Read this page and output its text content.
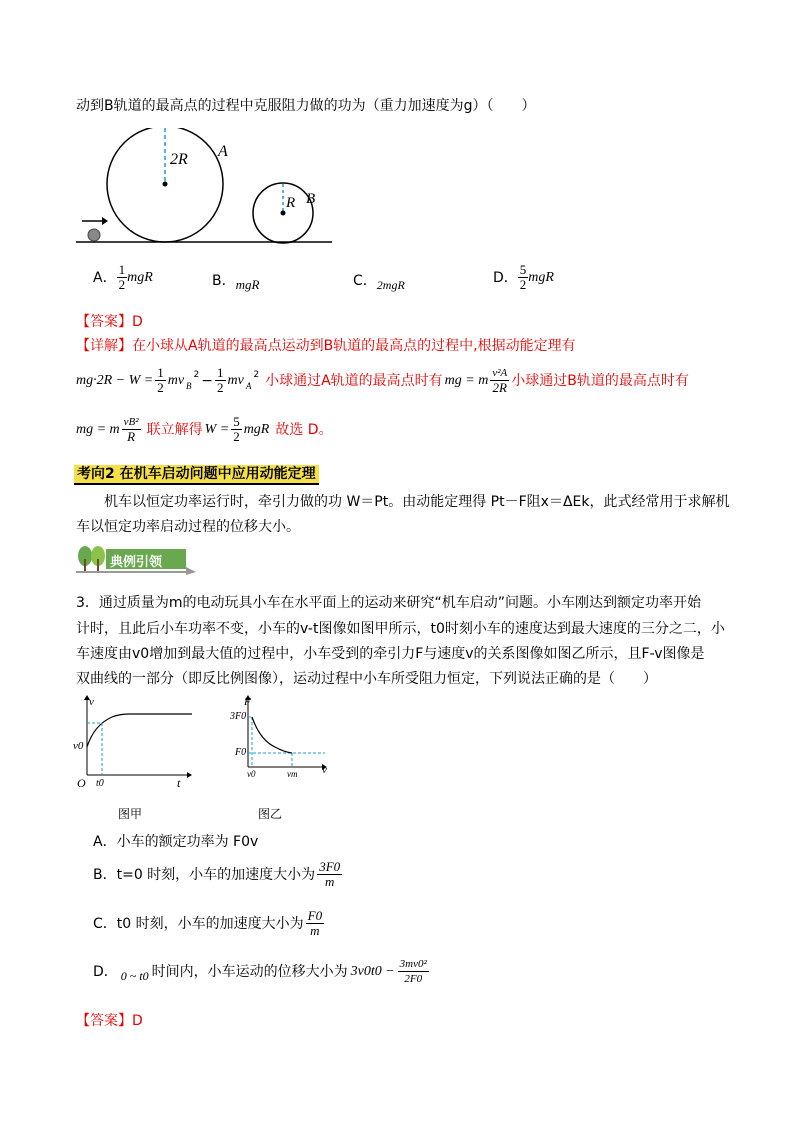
动到B轨道的最高点的过程中克服阻力做的功为（重力加速度为g）（　　）
2R A
R B
A． $\frac{1}{2}$ mgR	B．mgR	C．2mgR	D． $\frac{5}{2}$ mgR
【答案】D
【详解】在小球从A轨道的最高点运动到B轨道的最高点的过程中,根据动能定理有
$mg\cdot 2R - W = \frac{1}{2}$ mv B
$2 - \frac{1}{2}$ mv A
2 小球通过A轨道的最高点时有 mg = m $\frac{\text{v²A}}{2R}$ 小球通过B轨道的最高点时有
mg = m $\frac{\text{vB²}}{R}$ 联立解得 $W = \frac{5}{2}$ mgR 故选 D。
考向2 在机车启动问题中应用动能定理
机车以恒定功率运行时，牵引力做的功 W＝Pt。由动能定理得 Pt－F阻x＝ΔEk，此式经常用于求解机
车以恒定功率启动过程的位移大小。
典例引领
3．通过质量为m的电动玩具小车在水平面上的运动来研究“机车启动”问题。小车刚达到额定功率开始
计时，且此后小车功率不变，小车的v-t图像如图甲所示，t0时刻小车的速度达到最大速度的三分之二，小
车速度由v0增加到最大值的过程中，小车受到的牵引力F与速度v的关系图像如图乙所示，且F-v图像是
双曲线的一部分（即反比例图像），运动过程中小车所受阻力恒定，下列说法正确的是（　　）
v
v0
O t0	t
图甲
F
3F0
F0
v0	vm v
图乙
A．小车的额定功率为 F0v
B．t=0 时刻，小车的加速度大小为 $\frac{3F0}{m}$
C．t0 时刻，小车的加速度大小为 $\frac{F0}{m}$
D． 0 ~ t0 时间内，小车运动的位移大小为 $3v0t0 - \frac{\text{3mv0²}}{2F0}$
【答案】D
